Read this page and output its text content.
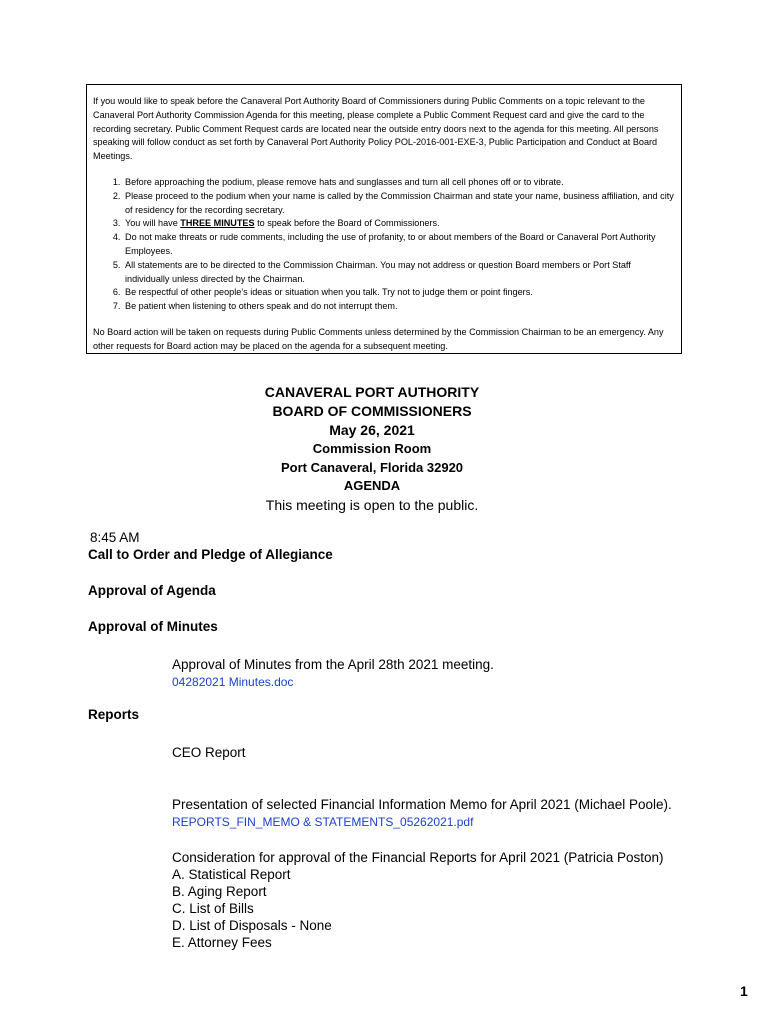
If you would like to speak before the Canaveral Port Authority Board of Commissioners during Public Comments on a topic relevant to the Canaveral Port Authority Commission Agenda for this meeting, please complete a Public Comment Request card and give the card to the recording secretary. Public Comment Request cards are located near the outside entry doors next to the agenda for this meeting. All persons speaking will follow conduct as set forth by Canaveral Port Authority Policy POL-2016-001-EXE-3, Public Participation and Conduct at Board Meetings.

1. Before approaching the podium, please remove hats and sunglasses and turn all cell phones off or to vibrate.
2. Please proceed to the podium when your name is called by the Commission Chairman and state your name, business affiliation, and city of residency for the recording secretary.
3. You will have THREE MINUTES to speak before the Board of Commissioners.
4. Do not make threats or rude comments, including the use of profanity, to or about members of the Board or Canaveral Port Authority Employees.
5. All statements are to be directed to the Commission Chairman. You may not address or question Board members or Port Staff individually unless directed by the Chairman.
6. Be respectful of other people’s ideas or situation when you talk. Try not to judge them or point fingers.
7. Be patient when listening to others speak and do not interrupt them.

No Board action will be taken on requests during Public Comments unless determined by the Commission Chairman to be an emergency. Any other requests for Board action may be placed on the agenda for a subsequent meeting.

CANAVERAL PORT AUTHORITY
BOARD OF COMMISSIONERS
May 26, 2021
Commission Room
Port Canaveral, Florida 32920
AGENDA
This meeting is open to the public.
8:45 AM
Call to Order and Pledge of Allegiance
Approval of Agenda
Approval of Minutes
Approval of Minutes from the April 28th 2021 meeting.
04282021 Minutes.doc
Reports
CEO Report
Presentation of selected Financial Information Memo for April 2021 (Michael Poole).
REPORTS_FIN_MEMO & STATEMENTS_05262021.pdf
Consideration for approval of the Financial Reports for April 2021 (Patricia Poston)
A. Statistical Report
B. Aging Report
C. List of Bills
D. List of Disposals - None
E. Attorney Fees
1
